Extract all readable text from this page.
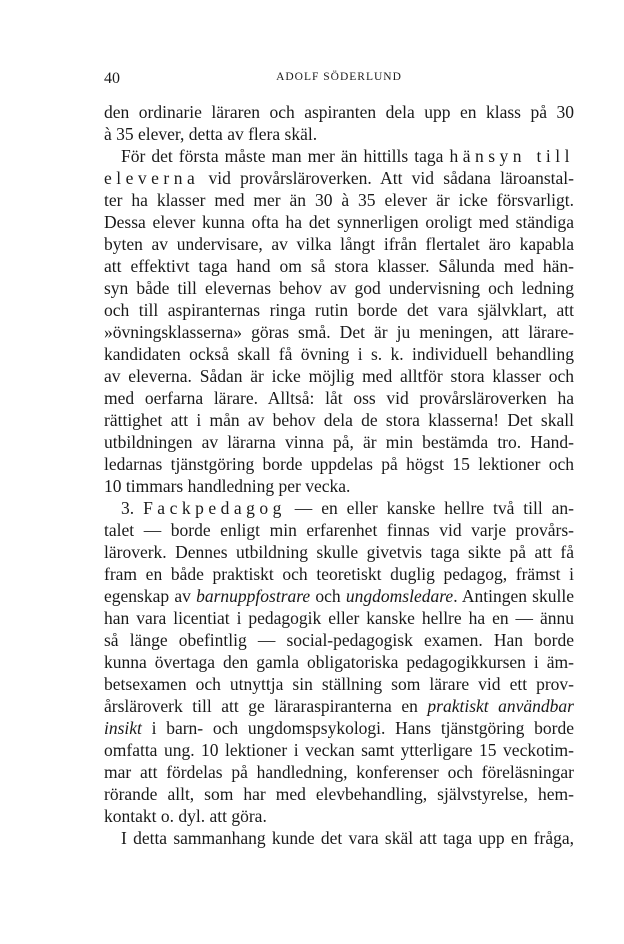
40	ADOLF SÖDERLUND
den ordinarie läraren och aspiranten dela upp en klass på 30
à 35 elever, detta av flera skäl.
För det första måste man mer än hittills taga hänsyn till
eleverna vid provårsläroverken. Att vid sådana läroanstal-
ter ha klasser med mer än 30 à 35 elever är icke försvarligt.
Dessa elever kunna ofta ha det synnerligen oroligt med ständiga
byten av undervisare, av vilka långt ifrån flertalet äro kapabla
att effektivt taga hand om så stora klasser. Sålunda med hän-
syn både till elevernas behov av god undervisning och ledning
och till aspiranternas ringa rutin borde det vara självklart, att
»övningsklasserna» göras små. Det är ju meningen, att lärare-
kandidaten också skall få övning i s. k. individuell behandling
av eleverna. Sådan är icke möjlig med alltför stora klasser och
med oerfarna lärare. Alltså: låt oss vid provårsläroverken ha
rättighet att i mån av behov dela de stora klasserna! Det skall
utbildningen av lärarna vinna på, är min bestämda tro. Hand-
ledarnas tjänstgöring borde uppdelas på högst 15 lektioner och
10 timmars handledning per vecka.
3. Fackpedagog — en eller kanske hellre två till an-
talet — borde enligt min erfarenhet finnas vid varje provårs-
läroverk. Dennes utbildning skulle givetvis taga sikte på att få
fram en både praktiskt och teoretiskt duglig pedagog, främst i
egenskap av barnuppfostrare och ungdomsledare. Antingen skulle
han vara licentiat i pedagogik eller kanske hellre ha en — ännu
så länge obefintlig — social-pedagogisk examen. Han borde
kunna övertaga den gamla obligatoriska pedagogikkursen i äm-
betsexamen och utnyttja sin ställning som lärare vid ett prov-
årsläroverk till att ge läraraspiranterna en praktiskt användbar
insikt i barn- och ungdomspsykologi. Hans tjänstgöring borde
omfatta ung. 10 lektioner i veckan samt ytterligare 15 veckotim-
mar att fördelas på handledning, konferenser och föreläsningar
rörande allt, som har med elevbehandling, självstyrelse, hem-
kontakt o. dyl. att göra.
I detta sammanhang kunde det vara skäl att taga upp en fråga,
